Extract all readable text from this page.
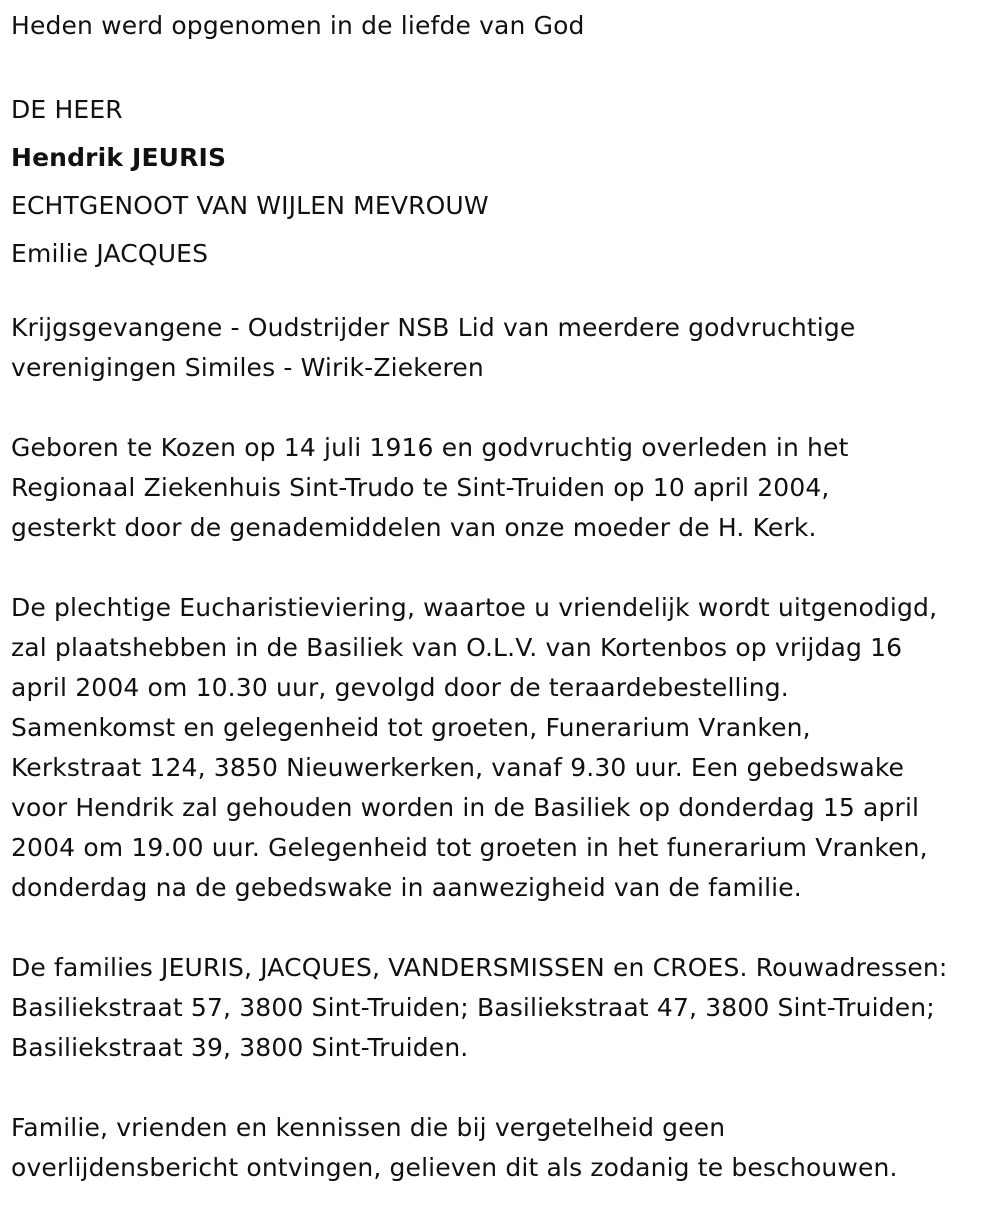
Heden werd opgenomen in de liefde van God
DE HEER
Hendrik JEURIS
ECHTGENOOT VAN WIJLEN MEVROUW
Emilie JACQUES
Krijgsgevangene - Oudstrijder NSB Lid van meerdere godvruchtige
verenigingen Similes - Wirik-Ziekeren
Geboren te Kozen op 14 juli 1916 en godvruchtig overleden in het
Regionaal Ziekenhuis Sint-Trudo te Sint-Truiden op 10 april 2004,
gesterkt door de genademiddelen van onze moeder de H. Kerk.
De plechtige Eucharistieviering, waartoe u vriendelijk wordt uitgenodigd,
zal plaatshebben in de Basiliek van O.L.V. van Kortenbos op vrijdag 16
april 2004 om 10.30 uur, gevolgd door de teraardebestelling.
Samenkomst en gelegenheid tot groeten, Funerarium Vranken,
Kerkstraat 124, 3850 Nieuwerkerken, vanaf 9.30 uur. Een gebedswake
voor Hendrik zal gehouden worden in de Basiliek op donderdag 15 april
2004 om 19.00 uur. Gelegenheid tot groeten in het funerarium Vranken,
donderdag na de gebedswake in aanwezigheid van de familie.
De families JEURIS, JACQUES, VANDERSMISSEN en CROES. Rouwadressen:
Basiliekstraat 57, 3800 Sint-Truiden; Basiliekstraat 47, 3800 Sint-Truiden;
Basiliekstraat 39, 3800 Sint-Truiden.
Familie, vrienden en kennissen die bij vergetelheid geen
overlijdensbericht ontvingen, gelieven dit als zodanig te beschouwen.
